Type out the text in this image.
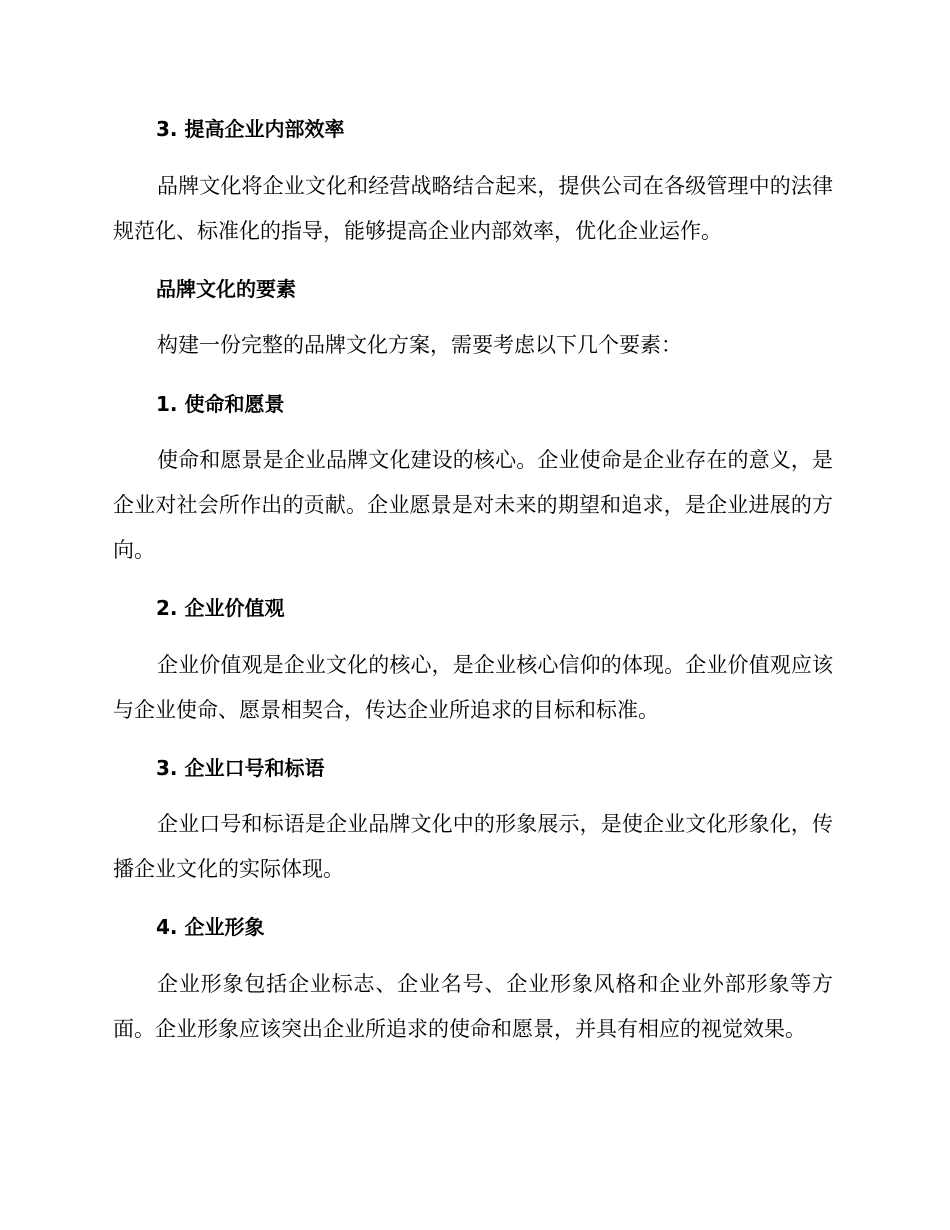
3. 提高企业内部效率
品牌文化将企业文化和经营战略结合起来，提供公司在各级管理中的法律规范化、标准化的指导，能够提高企业内部效率，优化企业运作。
品牌文化的要素
构建一份完整的品牌文化方案，需要考虑以下几个要素：
1. 使命和愿景
使命和愿景是企业品牌文化建设的核心。企业使命是企业存在的意义，是企业对社会所作出的贡献。企业愿景是对未来的期望和追求，是企业进展的方向。
2. 企业价值观
企业价值观是企业文化的核心，是企业核心信仰的体现。企业价值观应该与企业使命、愿景相契合，传达企业所追求的目标和标准。
3. 企业口号和标语
企业口号和标语是企业品牌文化中的形象展示，是使企业文化形象化，传播企业文化的实际体现。
4. 企业形象
企业形象包括企业标志、企业名号、企业形象风格和企业外部形象等方面。企业形象应该突出企业所追求的使命和愿景，并具有相应的视觉效果。
